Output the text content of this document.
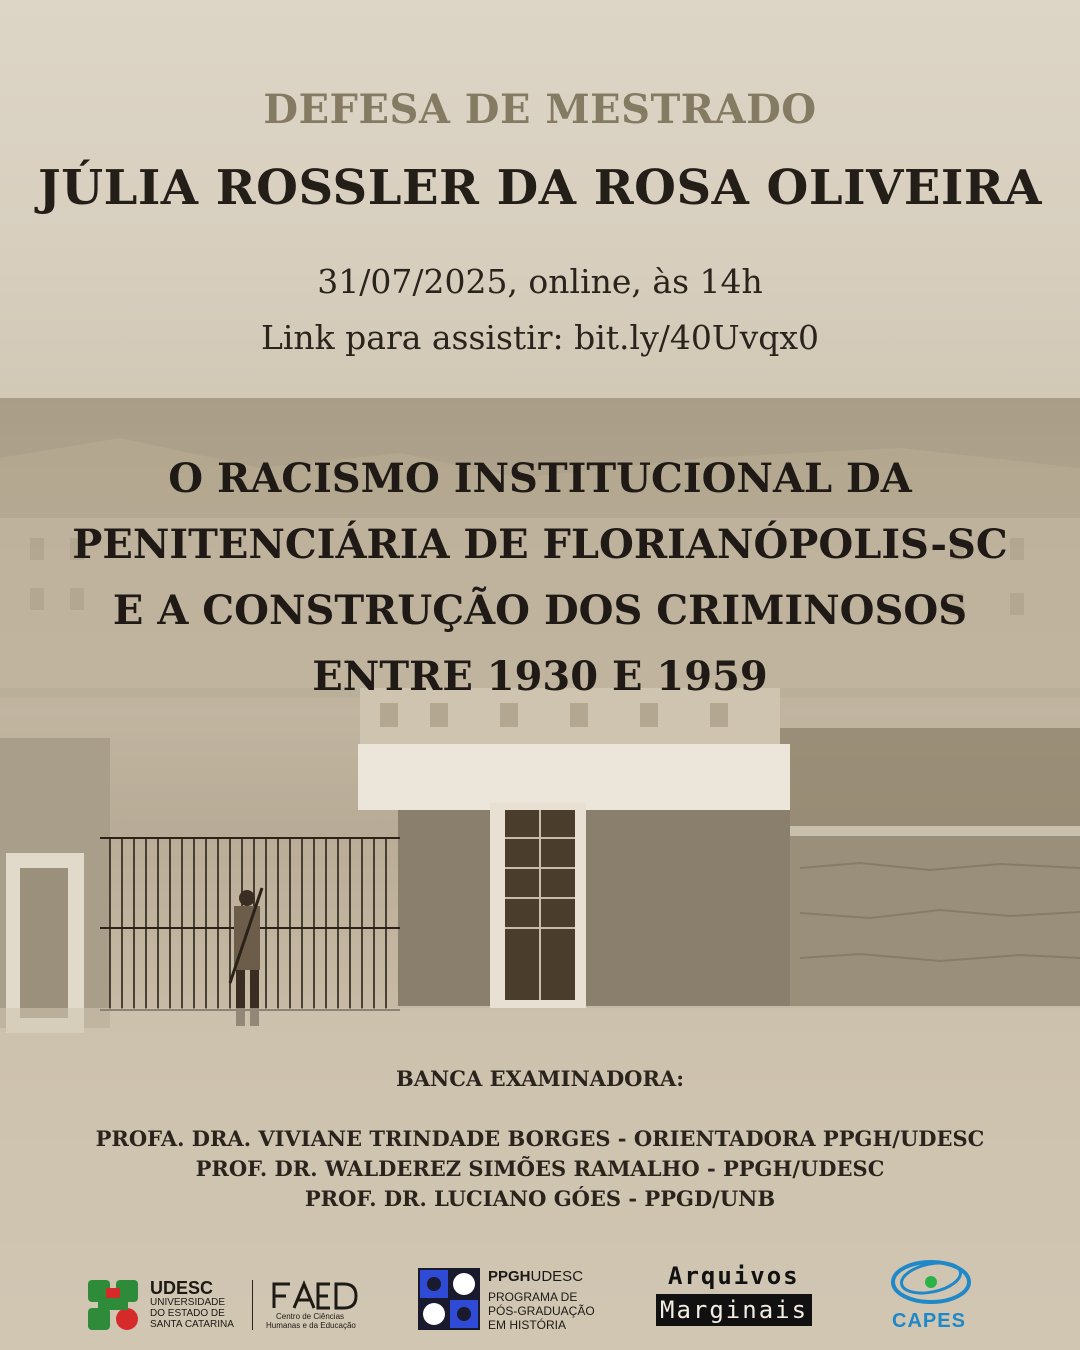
DEFESA DE MESTRADO
JÚLIA ROSSLER DA ROSA OLIVEIRA
31/07/2025, online, às 14h
Link para assistir: bit.ly/40Uvqx0
O RACISMO INSTITUCIONAL DA
PENITENCIÁRIA DE FLORIANÓPOLIS-SC
E A CONSTRUÇÃO DOS CRIMINOSOS
ENTRE 1930 E 1959
BANCA EXAMINADORA:
PROFA. DRA. VIVIANE TRINDADE BORGES - ORIENTADORA PPGH/UDESC
PROF. DR. WALDEREZ SIMÕES RAMALHO - PPGH/UDESC
PROF. DR. LUCIANO GÓES - PPGD/UNB
UDESC
UNIVERSIDADE
DO ESTADO DE
SANTA CATARINA
Centro de Ciências
Humanas e da Educação
PPGHUDESC
PROGRAMA DE
PÓS-GRADUAÇÃO
EM HISTÓRIA
Arquivos
Marginais	CAPES
